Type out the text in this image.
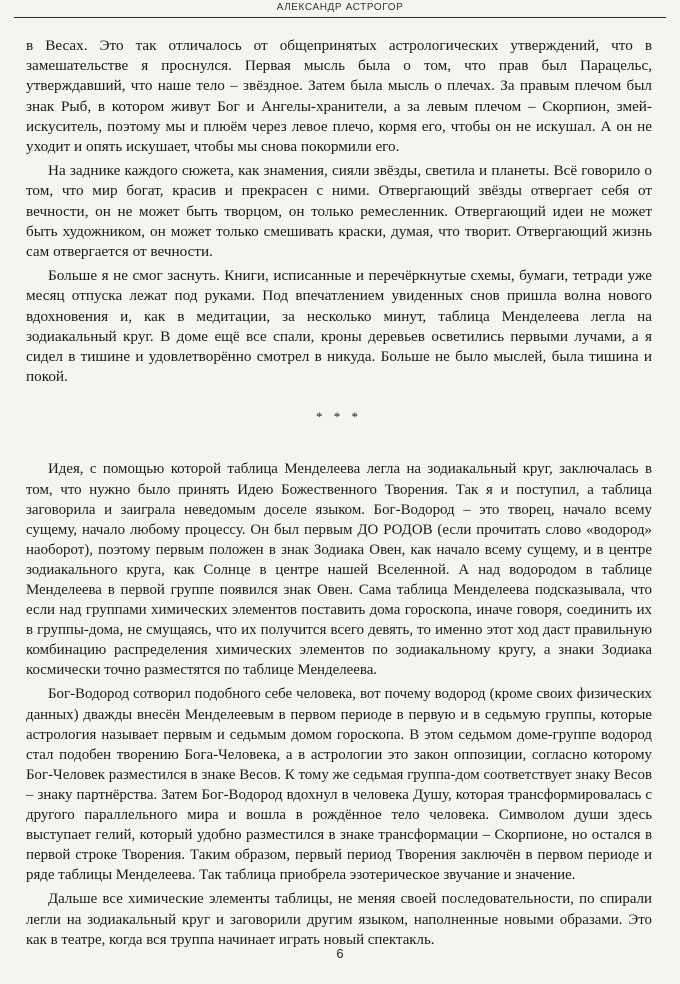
АЛЕКСАНДР АСТРОГОР

в Весах. Это так отличалось от общепринятых астрологических утверждений, что в замешательстве я проснулся. Первая мысль была о том, что прав был Парацельс, утверждавший, что наше тело – звёздное. Затем была мысль о плечах. За правым плечом был знак Рыб, в котором живут Бог и Ангелы-хранители, а за левым плечом – Скорпион, змей-искуситель, поэтому мы и плюём через левое плечо, кормя его, чтобы он не искушал. А он не уходит и опять искушает, чтобы мы снова покормили его.

На заднике каждого сюжета, как знамения, сияли звёзды, светила и планеты. Всё говорило о том, что мир богат, красив и прекрасен с ними. Отвергающий звёзды отвергает себя от вечности, он не может быть творцом, он только ремесленник. Отвергающий идеи не может быть художником, он может только смешивать краски, думая, что творит. Отвергающий жизнь сам отвергается от вечности.

Больше я не смог заснуть. Книги, исписанные и перечёркнутые схемы, бумаги, тетради уже месяц отпуска лежат под руками. Под впечатлением увиденных снов пришла волна нового вдохновения и, как в медитации, за несколько минут, таблица Менделеева легла на зодиакальный круг. В доме ещё все спали, кроны деревьев осветились первыми лучами, а я сидел в тишине и удовлетворённо смотрел в никуда. Больше не было мыслей, была тишина и покой.

* * *

Идея, с помощью которой таблица Менделеева легла на зодиакальный круг, заключалась в том, что нужно было принять Идею Божественного Творения. Так я и поступил, а таблица заговорила и заиграла неведомым доселе языком. Бог-Водород – это творец, начало всему сущему, начало любому процессу. Он был первым ДО РОДОВ (если прочитать слово «водород» наоборот), поэтому первым положен в знак Зодиака Овен, как начало всему сущему, и в центре зодиакального круга, как Солнце в центре нашей Вселенной. А над водородом в таблице Менделеева в первой группе появился знак Овен. Сама таблица Менделеева подсказывала, что если над группами химических элементов поставить дома гороскопа, иначе говоря, соединить их в группы-дома, не смущаясь, что их получится всего девять, то именно этот ход даст правильную комбинацию распределения химических элементов по зодиакальному кругу, а знаки Зодиака космически точно разместятся по таблице Менделеева.

Бог-Водород сотворил подобного себе человека, вот почему водород (кроме своих физических данных) дважды внесён Менделеевым в первом периоде в первую и в седьмую группы, которые астрология называет первым и седьмым домом гороскопа. В этом седьмом доме-группе водород стал подобен творению Бога-Человека, а в астрологии это закон оппозиции, согласно которому Бог-Человек разместился в знаке Весов. К тому же седьмая группа-дом соответствует знаку Весов – знаку партнёрства. Затем Бог-Водород вдохнул в человека Душу, которая трансформировалась с другого параллельного мира и вошла в рождённое тело человека. Символом души здесь выступает гелий, который удобно разместился в знаке трансформации – Скорпионе, но остался в первой строке Творения. Таким образом, первый период Творения заключён в первом периоде и ряде таблицы Менделеева. Так таблица приобрела эзотерическое звучание и значение.

Дальше все химические элементы таблицы, не меняя своей последовательности, по спирали легли на зодиакальный круг и заговорили другим языком, наполненные новыми образами. Это как в театре, когда вся труппа начинает играть новый спектакль.

6
